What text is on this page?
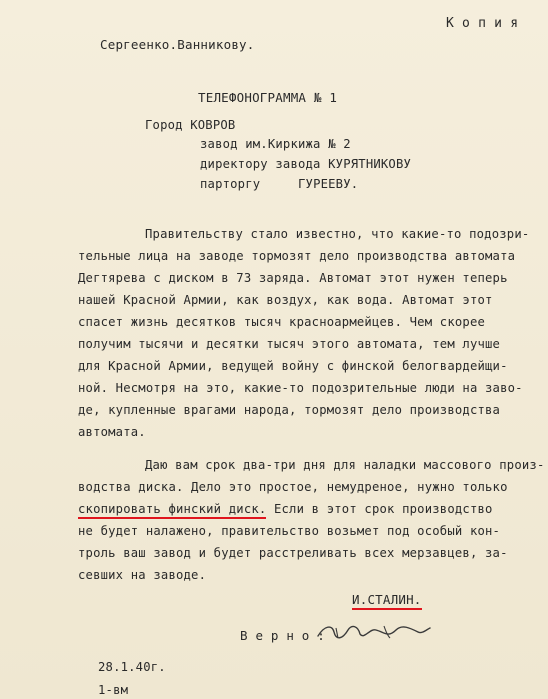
К о п и я
Сергеенко.Ванникову.
ТЕЛЕФОНОГРАММА № 1
Город КОВРОВ
завод им.Киркижа № 2
директору завода КУРЯТНИКОВУ
парторгу	ГУРЕЕВУ.
Правительству стало известно, что какие-то подозри-
тельные лица на заводе тормозят дело производства автомата
Дегтярева с диском в 73 заряда. Автомат этот нужен теперь
нашей Красной Армии, как воздух, как вода. Автомат этот
спасет жизнь десятков тысяч красноармейцев. Чем скорее
получим тысячи и десятки тысяч этого автомата, тем лучше
для Красной Армии, ведущей войну с финской белогвардейщи-
ной. Несмотря на это, какие-то подозрительные люди на заво-
де, купленные врагами народа, тормозят дело производства
автомата.
Даю вам срок два-три дня для наладки массового произ-
водства диска. Дело это простое, немудреное, нужно только
скопировать финский диск. Если в этот срок производство
не будет налажено, правительство возьмет под особый кон-
троль ваш завод и будет расстреливать всех мерзавцев, за-
севших на заводе.
И.СТАЛИН.
В е р н о :
28.1.40г.
1-вм
